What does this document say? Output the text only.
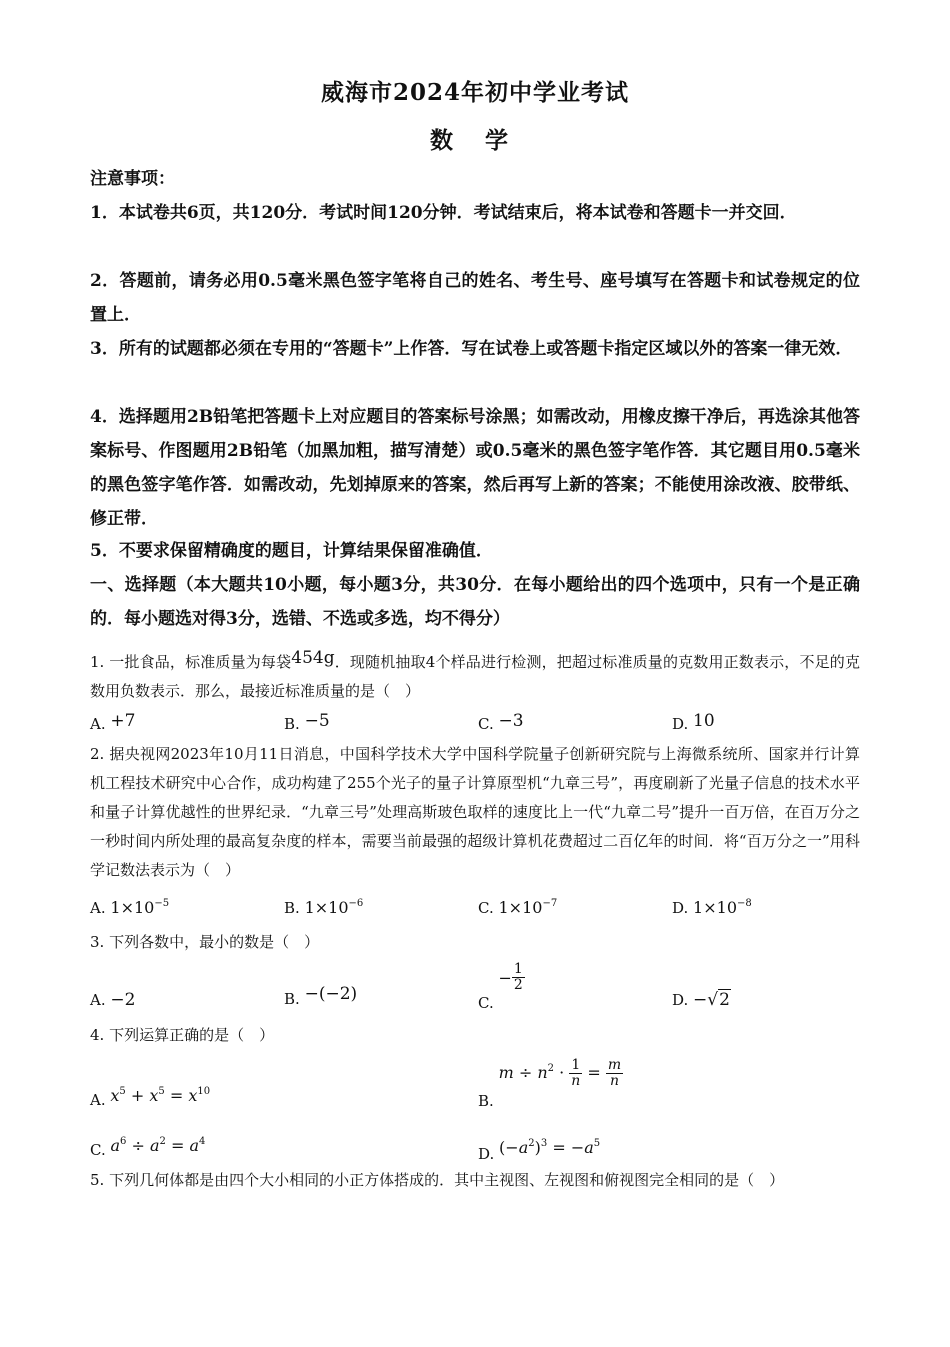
威海市2024年初中学业考试
数 学
注意事项：
1．本试卷共6页，共120分．考试时间120分钟．考试结束后，将本试卷和答题卡一并交回．
2．答题前，请务必用0.5毫米黑色签字笔将自己的姓名、考生号、座号填写在答题卡和试卷规定的位置上．
3．所有的试题都必须在专用的“答题卡”上作答．写在试卷上或答题卡指定区域以外的答案一律无效．
4．选择题用2B铅笔把答题卡上对应题目的答案标号涂黑；如需改动，用橡皮擦干净后，再选涂其他答案标号、作图题用2B铅笔（加黑加粗，描写清楚）或0.5毫米的黑色签字笔作答．其它题目用0.5毫米的黑色签字笔作答．如需改动，先划掉原来的答案，然后再写上新的答案；不能使用涂改液、胶带纸、修正带．
5．不要求保留精确度的题目，计算结果保留准确值．
一、选择题（本大题共10小题，每小题3分，共30分．在每小题给出的四个选项中，只有一个是正确的．每小题选对得3分，选错、不选或多选，均不得分）
1. 一批食品，标准质量为每袋454g．现随机抽取4个样品进行检测，把超过标准质量的克数用正数表示，不足的克数用负数表示．那么，最接近标准质量的是（　）
A. +7	B. −5	C. −3	D. 10
2. 据央视网2023年10月11日消息，中国科学技术大学中国科学院量子创新研究院与上海微系统所、国家并行计算机工程技术研究中心合作，成功构建了255个光子的量子计算原型机“九章三号”，再度刷新了光量子信息的技术水平和量子计算优越性的世界纪录．“九章三号”处理高斯玻色取样的速度比上一代“九章二号”提升一百万倍，在百万分之一秒时间内所处理的最高复杂度的样本，需要当前最强的超级计算机花费超过二百亿年的时间．将“百万分之一”用科学记数法表示为（　）
A. $1\times 10^{-5}$	B. $1\times 10^{-6}$	C. $1\times 10^{-7}$	D. $1\times 10^{-8}$
3. 下列各数中，最小的数是（　）
A. −2	B. −(−2)	C. − $\frac{1}{2}$
D. −√2
4. 下列运算正确的是（　）
A. $x^5 + x^5 = x^{10}$
B. $m \div n^2 \cdot \frac{1}{n} = \frac{m}{n}$
C. $a^6 \div a^2 = a^4$
D. $(-a^2)^3 = -a^5$
5. 下列几何体都是由四个大小相同的小正方体搭成的．其中主视图、左视图和俯视图完全相同的是（　）
